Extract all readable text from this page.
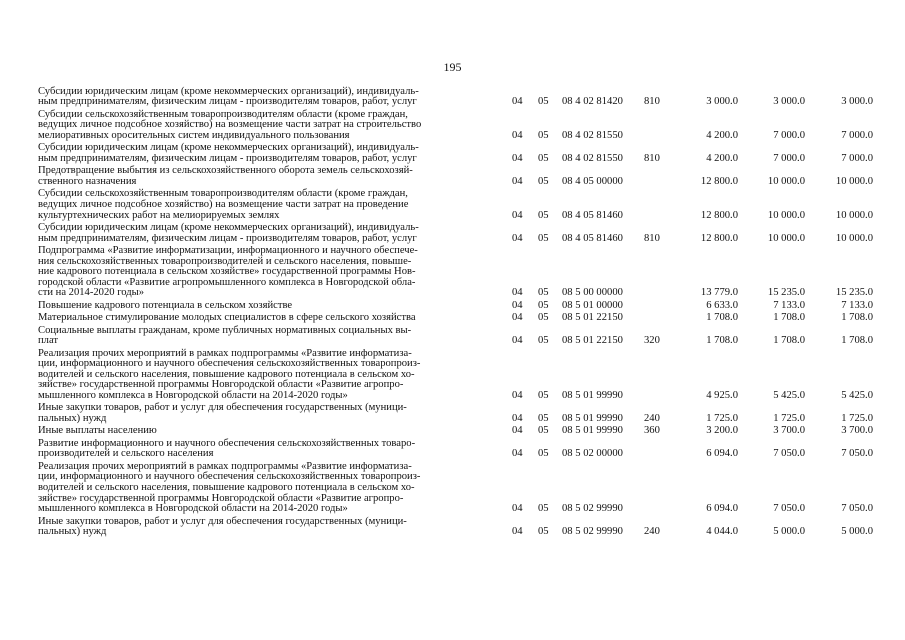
195
Субсидии юридическим лицам (кроме некоммерческих организаций), индивидуаль-
ным предпринимателям, физическим лицам - производителям товаров, работ, услуг	04 05 08 4 02 81420 810	3 000.0	3 000.0	3 000.0
Субсидии сельскохозяйственным товаропроизводителям области (кроме граждан,
ведущих личное подсобное хозяйство) на возмещение части затрат на строительство
мелиоративных оросительных систем индивидуального пользования	04 05 08 4 02 81550	4 200.0	7 000.0	7 000.0
Субсидии юридическим лицам (кроме некоммерческих организаций), индивидуаль-
ным предпринимателям, физическим лицам - производителям товаров, работ, услуг	04 05 08 4 02 81550 810	4 200.0	7 000.0	7 000.0
Предотвращение выбытия из сельскохозяйственного оборота земель сельскохозяй-
ственного назначения	04 05 08 4 05 00000	12 800.0	10 000.0	10 000.0
Субсидии сельскохозяйственным товаропроизводителям области (кроме граждан,
ведущих личное подсобное хозяйство) на возмещение части затрат на проведение
культуртехнических работ на мелиорируемых землях	04 05 08 4 05 81460	12 800.0	10 000.0	10 000.0
Субсидии юридическим лицам (кроме некоммерческих организаций), индивидуаль-
ным предпринимателям, физическим лицам - производителям товаров, работ, услуг	04 05 08 4 05 81460 810	12 800.0	10 000.0	10 000.0
Подпрограмма «Развитие информатизации, информационного и научного обеспече-
ния сельскохозяйственных товаропроизводителей и сельского населения, повыше-
ние кадрового потенциала в сельском хозяйстве» государственной программы Нов-
городской области «Развитие агропромышленного комплекса в Новгородской обла-
сти на 2014-2020 годы»	04 05 08 5 00 00000	13 779.0	15 235.0	15 235.0
Повышение кадрового потенциала в сельском хозяйстве	04 05 08 5 01 00000	6 633.0	7 133.0	7 133.0
Материальное стимулирование молодых специалистов в сфере сельского хозяйства	04 05 08 5 01 22150	1 708.0	1 708.0	1 708.0
Социальные выплаты гражданам, кроме публичных нормативных социальных вы-
плат	04 05 08 5 01 22150 320	1 708.0	1 708.0	1 708.0
Реализация прочих мероприятий в рамках подпрограммы «Развитие информатиза-
ции, информационного и научного обеспечения сельскохозяйственных товаропроиз-
водителей и сельского населения, повышение кадрового потенциала в сельском хо-
зяйстве» государственной программы Новгородской области «Развитие агропро-
мышленного комплекса в Новгородской области на 2014-2020 годы»	04 05 08 5 01 99990	4 925.0	5 425.0	5 425.0
Иные закупки товаров, работ и услуг для обеспечения государственных (муници-
пальных) нужд	04 05 08 5 01 99990 240	1 725.0	1 725.0	1 725.0
Иные выплаты населению	04 05 08 5 01 99990 360	3 200.0	3 700.0	3 700.0
Развитие информационного и научного обеспечения сельскохозяйственных товаро-
производителей и сельского населения	04 05 08 5 02 00000	6 094.0	7 050.0	7 050.0
Реализация прочих мероприятий в рамках подпрограммы «Развитие информатиза-
ции, информационного и научного обеспечения сельскохозяйственных товаропроиз-
водителей и сельского населения, повышение кадрового потенциала в сельском хо-
зяйстве» государственной программы Новгородской области «Развитие агропро-
мышленного комплекса в Новгородской области на 2014-2020 годы»	04 05 08 5 02 99990	6 094.0	7 050.0	7 050.0
Иные закупки товаров, работ и услуг для обеспечения государственных (муници-
пальных) нужд	04 05 08 5 02 99990 240	4 044.0	5 000.0	5 000.0
